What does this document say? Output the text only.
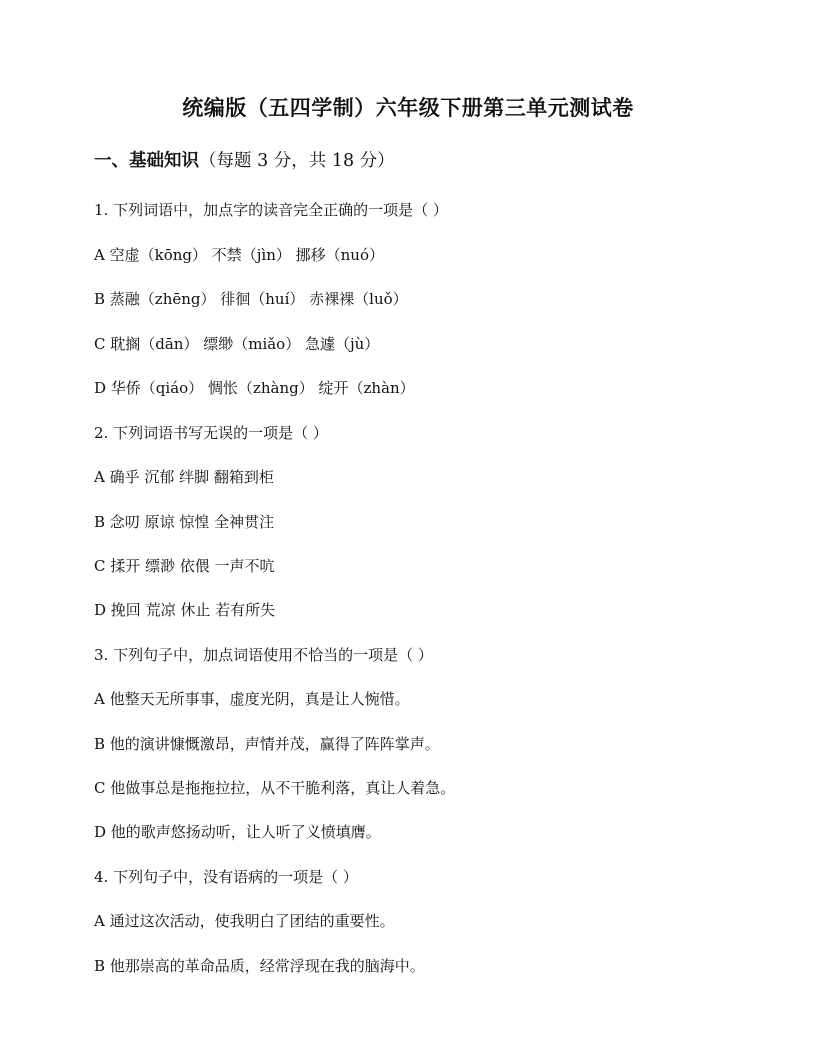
统编版（五四学制）六年级下册第三单元测试卷
一、基础知识（每题 3 分，共 18 分）
1. 下列词语中，加点字的读音完全正确的一项是（ ）
A 空虚（kōng） 不禁（jìn） 挪移（nuó）
B 蒸融（zhēng） 徘徊（huí） 赤裸裸（luǒ）
C 耽搁（dān） 缥缈（miǎo） 急遽（jù）
D 华侨（qiáo） 惆怅（zhàng） 绽开（zhàn）
2. 下列词语书写无误的一项是（ ）
A 确乎 沉郁 绊脚 翻箱到柜
B 念叨 原谅 惊惶 全神贯注
C 揉开 缥渺 依偎 一声不吭
D 挽回 荒凉 休止 若有所失
3. 下列句子中，加点词语使用不恰当的一项是（ ）
A 他整天无所事事，虚度光阴，真是让人惋惜。
B 他的演讲慷慨激昂，声情并茂，赢得了阵阵掌声。
C 他做事总是拖拖拉拉，从不干脆利落，真让人着急。
D 他的歌声悠扬动听，让人听了义愤填膺。
4. 下列句子中，没有语病的一项是（ ）
A 通过这次活动，使我明白了团结的重要性。
B 他那崇高的革命品质，经常浮现在我的脑海中。
